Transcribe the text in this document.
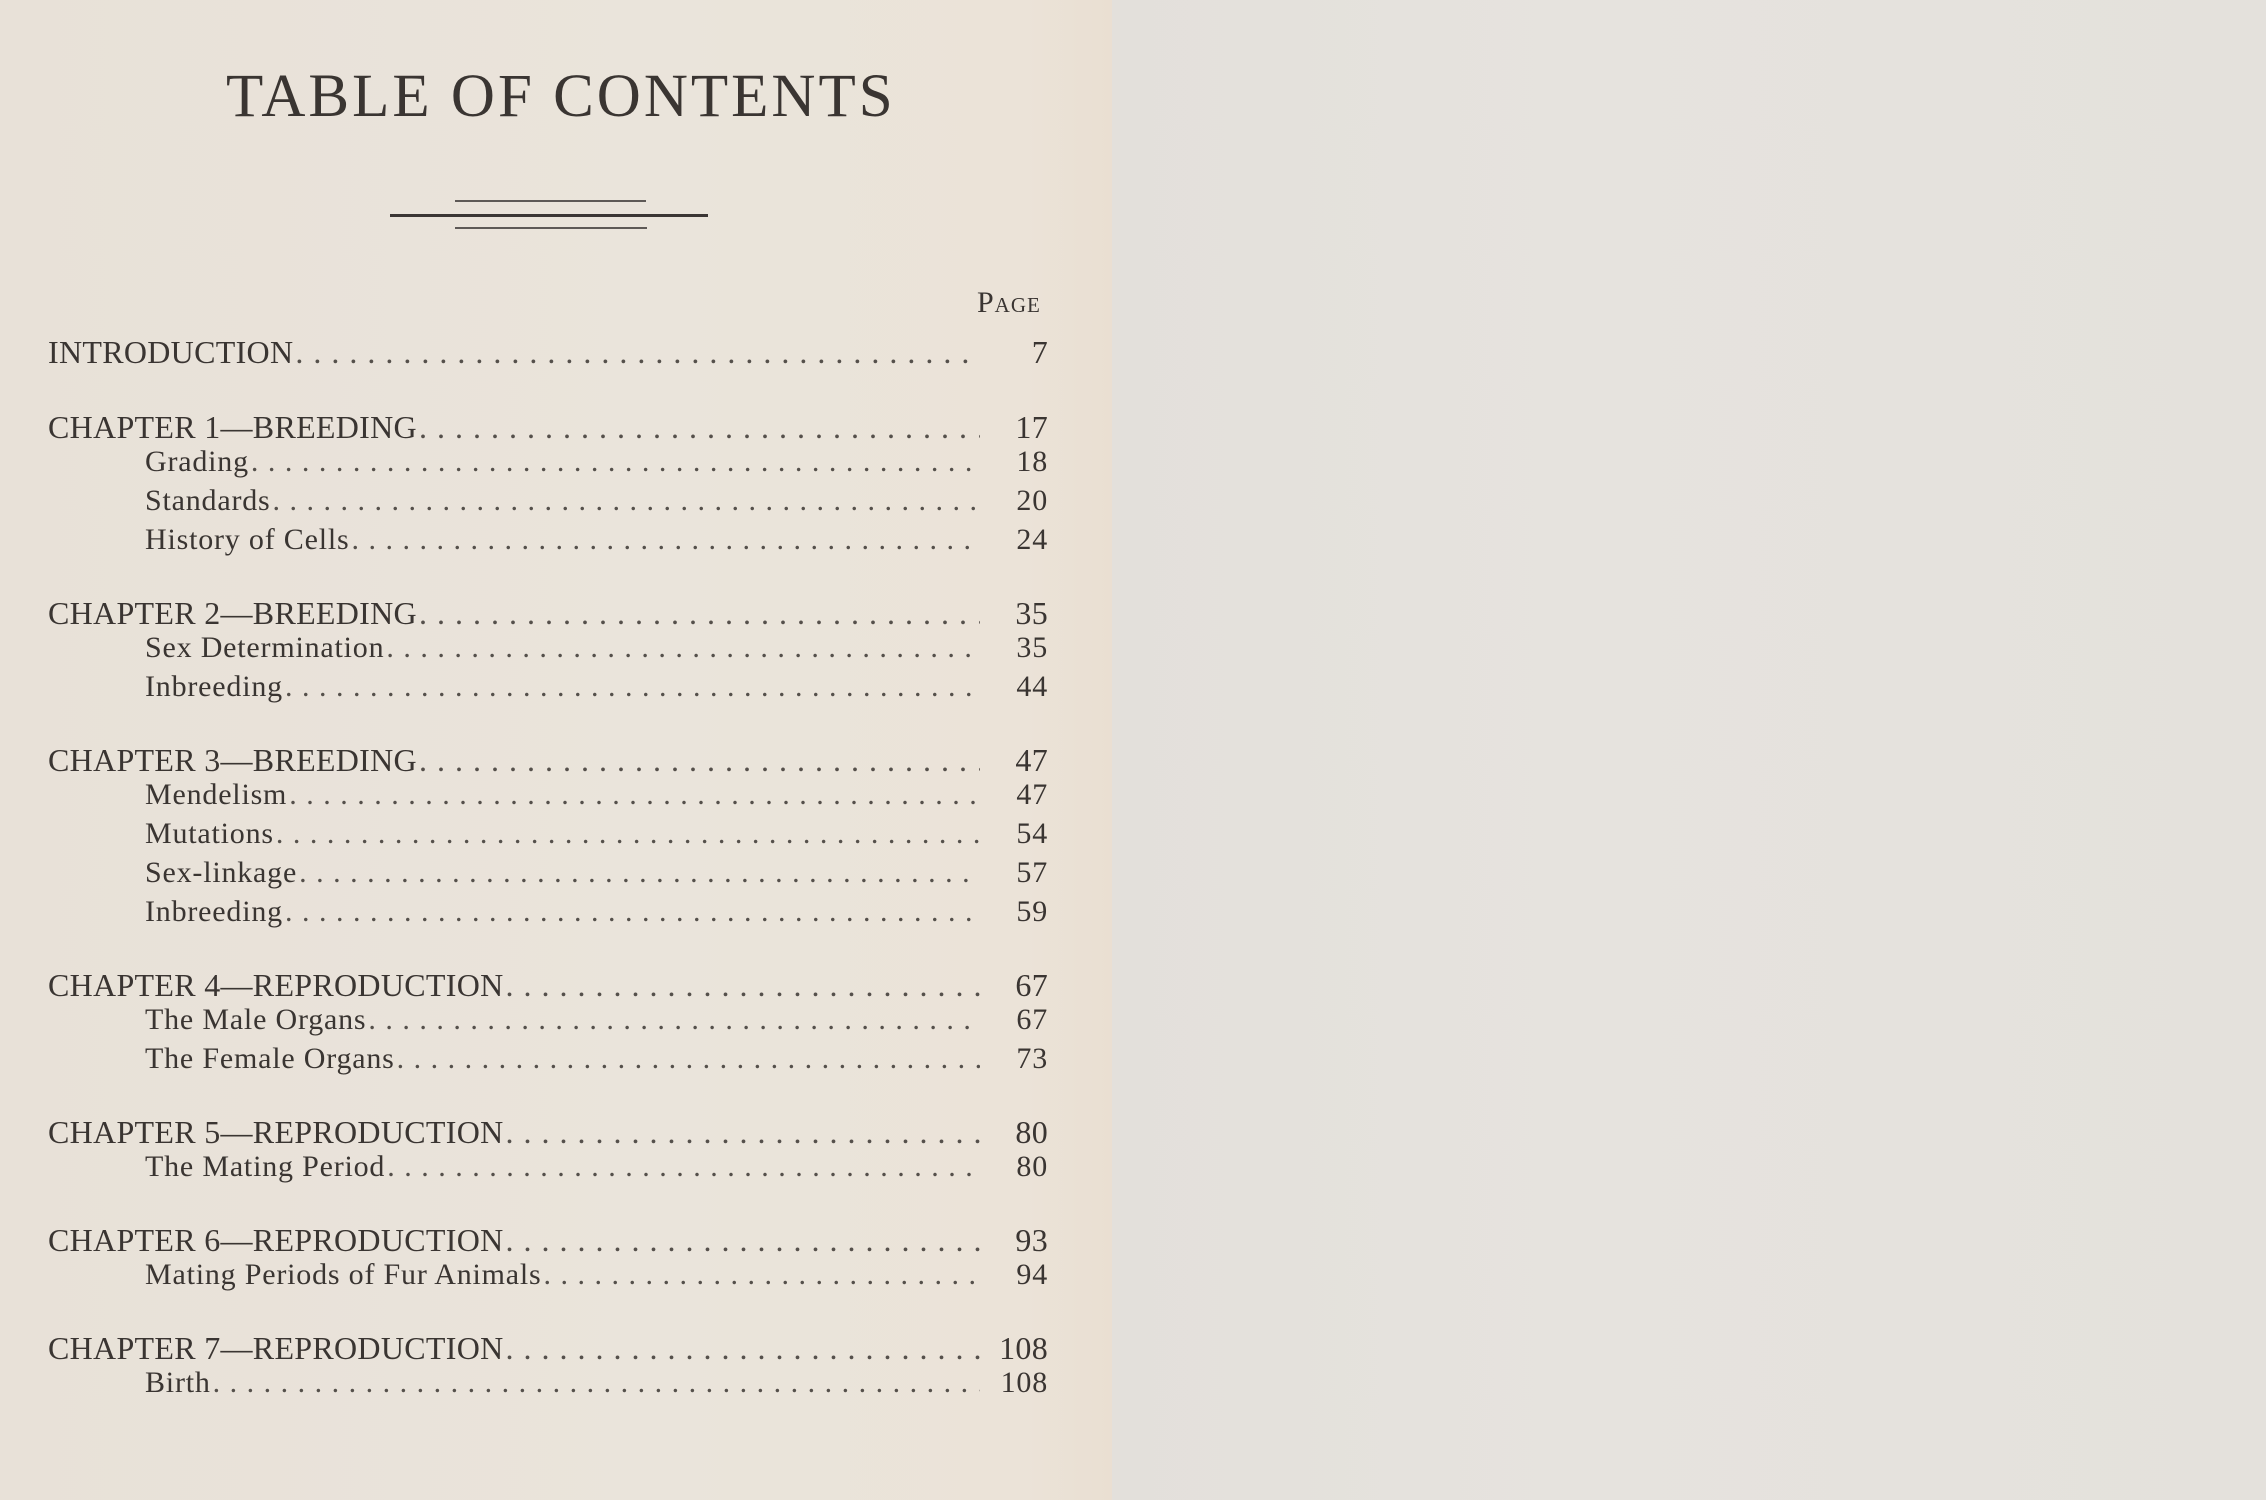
TABLE OF CONTENTS
Page
INTRODUCTION . . .	7
CHAPTER 1—BREEDING . . .	17
Grading . . .	18
Standards . . .	20
History of Cells . . .	24
CHAPTER 2—BREEDING . . .	35
Sex Determination . . .	35
Inbreeding . . .	44
CHAPTER 3—BREEDING . . .	47
Mendelism . . .	47
Mutations . . .	54
Sex-linkage . . .	57
Inbreeding . . .	59
CHAPTER 4—REPRODUCTION . . .	67
The Male Organs . . .	67
The Female Organs . . .	73
CHAPTER 5—REPRODUCTION . . .	80
The Mating Period . . .	80
CHAPTER 6—REPRODUCTION . . .	93
Mating Periods of Fur Animals . . .	94
CHAPTER 7—REPRODUCTION . . .	108
Birth . . .	108
